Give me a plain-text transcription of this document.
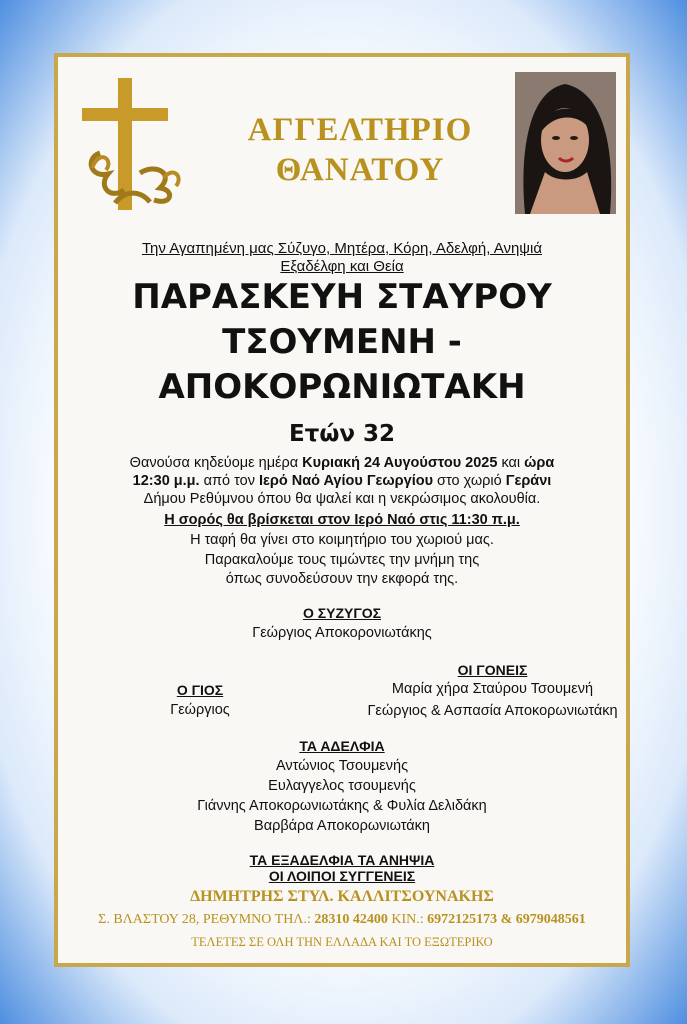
ΑΓΓΕΛΤΗΡΙΟ
ΘΑΝΑΤΟΥ
Την Αγαπημένη μας Σύζυγο, Μητέρα, Κόρη, Αδελφή, Ανηψιά
Εξαδέλφη και Θεία
ΠΑΡΑΣΚΕΥΗ ΣΤΑΥΡΟΥ
ΤΣΟΥΜΕΝΗ -
ΑΠΟΚΟΡΩΝΙΩΤΑΚΗ
Ετών 32
Θανούσα κηδεύομε ημέρα Κυριακή 24 Αυγούστου 2025 και ώρα
12:30 μ.μ. από τον Ιερό Ναό Αγίου Γεωργίου στο χωριό Γεράνι
Δήμου Ρεθύμνου όπου θα ψαλεί και η νεκρώσιμος ακολουθία.
Η σορός θα βρίσκεται στον Ιερό Ναό στις 11:30 π.μ.
Η ταφή θα γίνει στο κοιμητήριο του χωριού μας.
Παρακαλούμε τους τιμώντες την μνήμη της
όπως συνοδεύσουν την εκφορά της.
Ο ΣΥΖΥΓΟΣ
Γεώργιος Αποκορονιωτάκης
ΟΙ ΓΟΝΕΙΣ
Μαρία χήρα Σταύρου Τσουμενή
Γεώργιος & Ασπασία Αποκορωνιωτάκη
Ο ΓΙΟΣ
Γεώργιος
ΤΑ ΑΔΕΛΦΙΑ
Αντώνιος Τσουμενής
Ευλαγγελος τσουμενής
Γιάννης Αποκορωνιωτάκης & Φυλία Δελιδάκη
Βαρβάρα Αποκορωνιωτάκη
ΤΑ ΕΞΑΔΕΛΦΙΑ ΤΑ ΑΝΗΨΙΑ
ΟΙ ΛΟΙΠΟΙ ΣΥΓΓΕΝΕΙΣ
ΔΗΜΗΤΡΗΣ ΣΤΥΛ. ΚΑΛΛΙΤΣΟΥΝΑΚΗΣ
Σ. ΒΛΑΣΤΟΥ 28, ΡΕΘΥΜΝΟ ΤΗΛ.: 28310 42400 ΚΙΝ.: 6972125173 & 6979048561
ΤΕΛΕΤΕΣ ΣΕ ΟΛΗ ΤΗΝ ΕΛΛΑΔΑ ΚΑΙ ΤΟ ΕΞΩΤΕΡΙΚΟ
